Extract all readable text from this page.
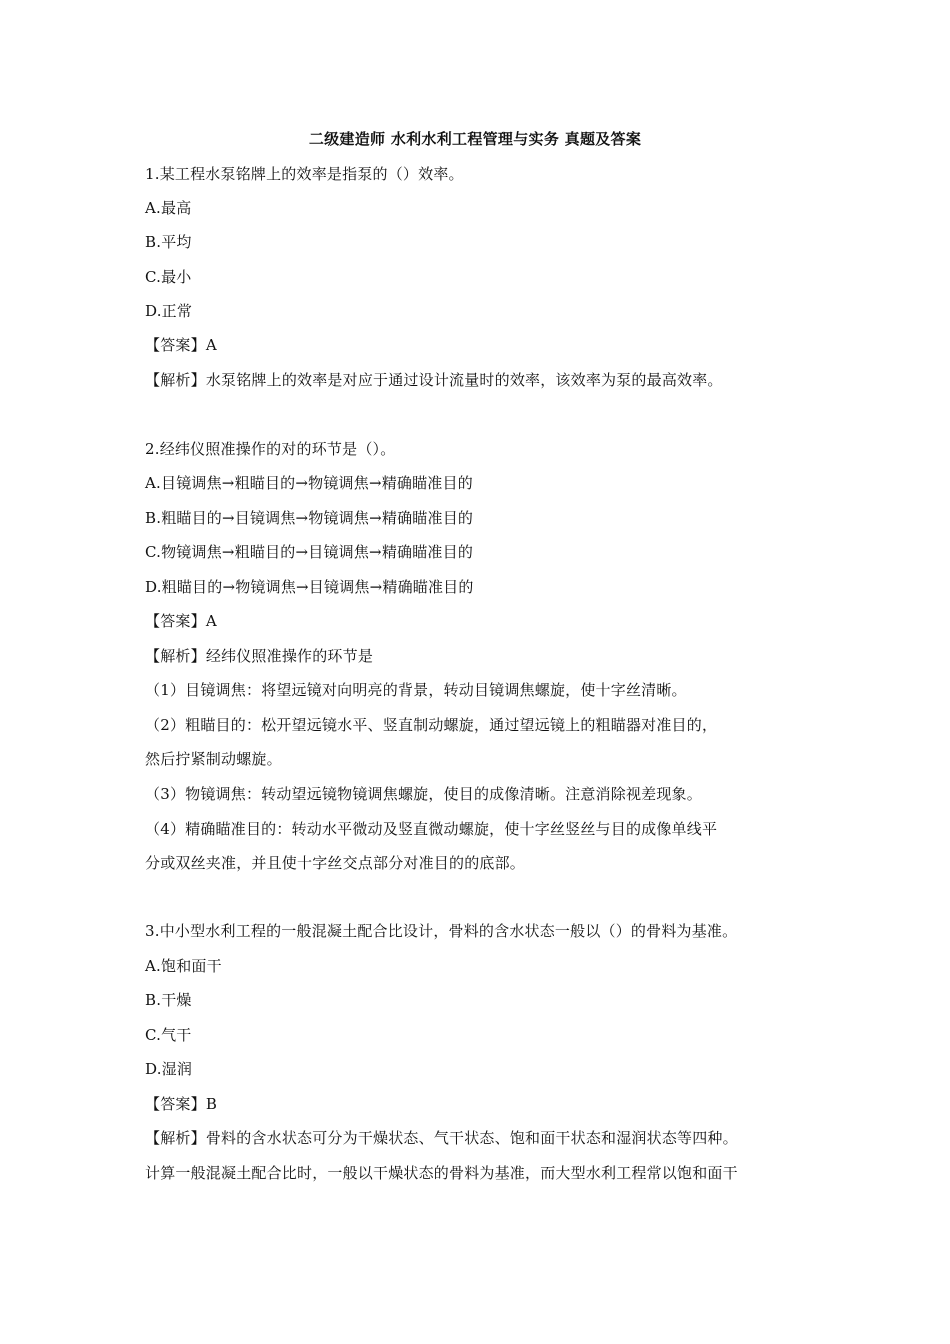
二级建造师 水利水利工程管理与实务 真题及答案
1.某工程水泵铭牌上的效率是指泵的（）效率。
A.最高
B.平均
C.最小
D.正常
【答案】A
【解析】水泵铭牌上的效率是对应于通过设计流量时的效率，该效率为泵的最高效率。
2.经纬仪照准操作的对的环节是（）。
A.目镜调焦→粗瞄目的→物镜调焦→精确瞄准目的
B.粗瞄目的→目镜调焦→物镜调焦→精确瞄准目的
C.物镜调焦→粗瞄目的→目镜调焦→精确瞄准目的
D.粗瞄目的→物镜调焦→目镜调焦→精确瞄准目的
【答案】A
【解析】经纬仪照准操作的环节是
（1）目镜调焦：将望远镜对向明亮的背景，转动目镜调焦螺旋，使十字丝清晰。
（2）粗瞄目的：松开望远镜水平、竖直制动螺旋，通过望远镜上的粗瞄器对准目的，
然后拧紧制动螺旋。
（3）物镜调焦：转动望远镜物镜调焦螺旋，使目的成像清晰。注意消除视差现象。
（4）精确瞄准目的：转动水平微动及竖直微动螺旋，使十字丝竖丝与目的成像单线平
分或双丝夹准，并且使十字丝交点部分对准目的的底部。
3.中小型水利工程的一般混凝土配合比设计，骨料的含水状态一般以（）的骨料为基准。
A.饱和面干
B.干燥
C.气干
D.湿润
【答案】B
【解析】骨料的含水状态可分为干燥状态、气干状态、饱和面干状态和湿润状态等四种。
计算一般混凝土配合比时，一般以干燥状态的骨料为基准，而大型水利工程常以饱和面干
